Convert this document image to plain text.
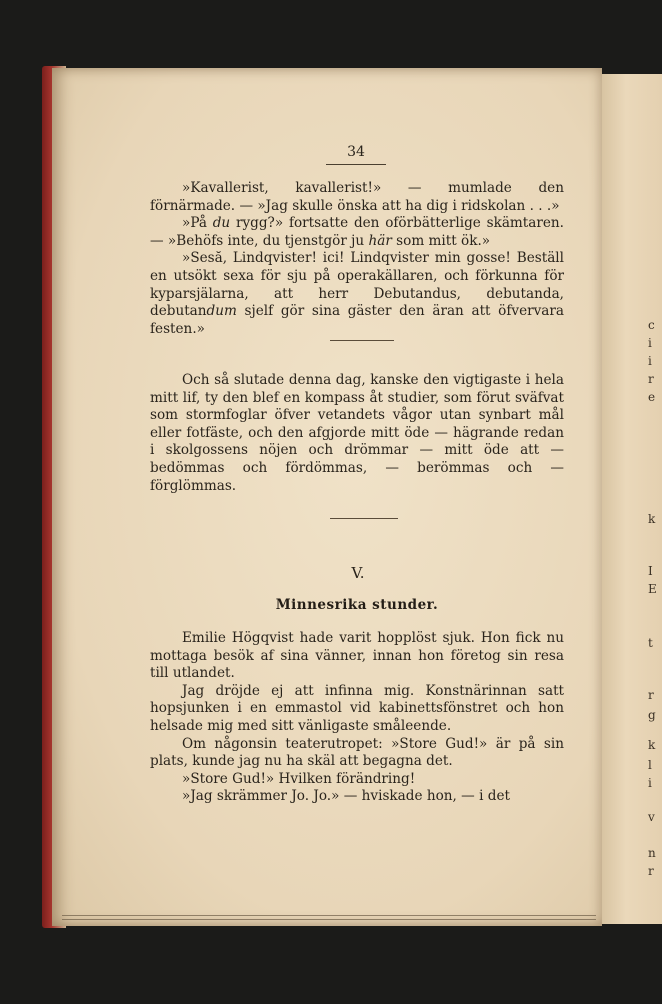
c
i
i
r
e
k
I
E
t
r
g
k
l
i
v
n
r
34

»Kavallerist, kavallerist!» — mumlade den förnärmade. — »Jag skulle önska att ha dig i ridskolan . . .»

»På du rygg?» fortsatte den oförbätterlige skämtaren. — »Behöfs inte, du tjenstgör ju här som mitt ök.»

»Sesă, Lindqvister! ici! Lindqvister min gosse! Beställ en utsökt sexa för sju på operakällaren, och förkunna för kyparsjälarna, att herr Debutandus, debutanda, debutandum sjelf gör sina gäster den äran att öfvervara festen.»

Och så slutade denna dag, kanske den vigtigaste i hela mitt lif, ty den blef en kompass åt studier, som förut sväfvat som stormfoglar öfver vetandets vågor utan synbart mål eller fotfäste, och den afgjorde mitt öde — hägrande redan i skolgossens nöjen och drömmar — mitt öde att — bedömmas och fördömmas, — berömmas och — förglömmas.

V.
Minnesrika stunder.

Emilie Högqvist hade varit hopplöst sjuk. Hon fick nu mottaga besök af sina vänner, innan hon företog sin resa till utlandet.

Jag dröjde ej att infinna mig. Konstnärinnan satt hopsjunken i en emmastol vid kabinettsfönstret och hon helsade mig med sitt vänligaste småleende.

Om någonsin teaterutropet: »Store Gud!» är på sin plats, kunde jag nu ha skäl att begagna det.

»Store Gud!» Hvilken förändring!

»Jag skrämmer Jo. Jo.» — hviskade hon, — i det
